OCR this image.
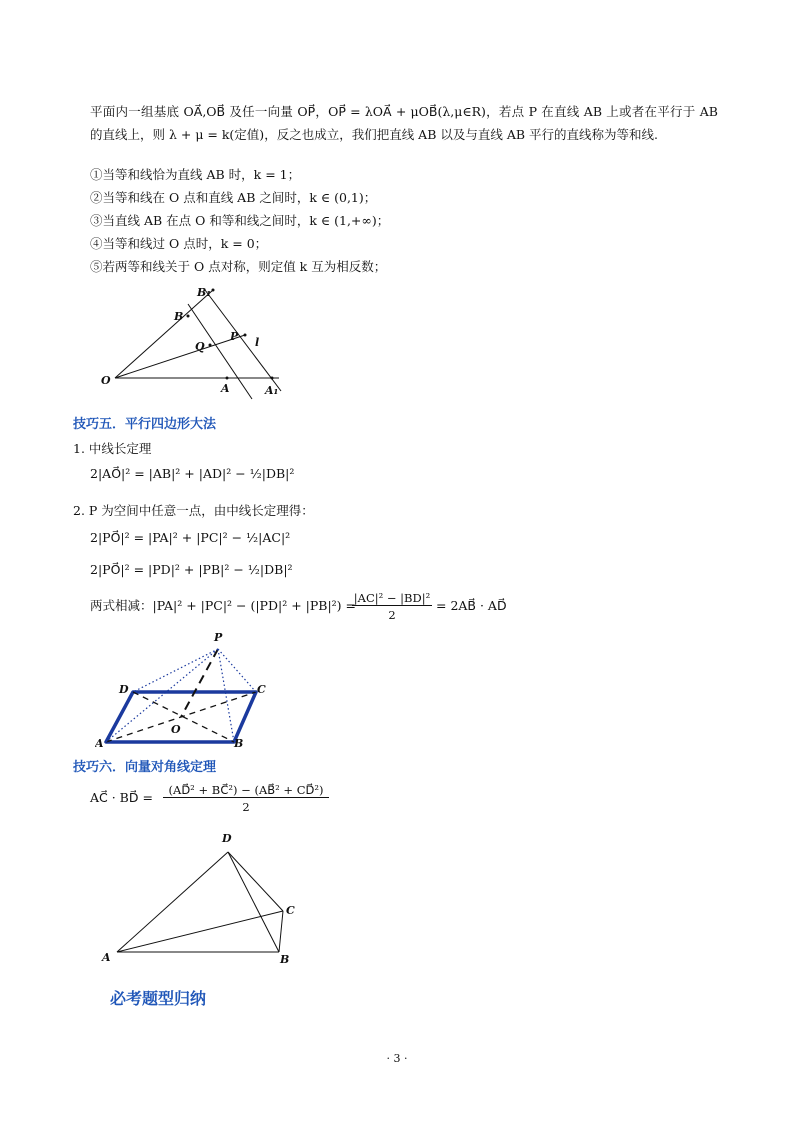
平面内一组基底 OA⃗,OB⃗ 及任一向量 OP⃗，OP⃗ = λOA⃗ + μOB⃗(λ,μ∈R)，若点 P 在直线 AB 上或者在平行于 AB 的直线上，则 λ + μ = k(定值)，反之也成立，我们把直线 AB 以及与直线 AB 平行的直线称为等和线.
①当等和线恰为直线 AB 时，k = 1；
②当等和线在 O 点和直线 AB 之间时，k ∈ (0,1)；
③当直线 AB 在点 O 和等和线之间时，k ∈ (1,+∞)；
④当等和线过 O 点时，k = 0；
⑤若两等和线关于 O 点对称，则定值 k 互为相反数；
O
A	A₁
B
B₁
Q
P l
技巧五．平行四边形大法
1. 中线长定理
2|AO⃗|² = |AB|² + |AD|² − ½|DB|²
2. P 为空间中任意一点，由中线长定理得：
2|PO⃗|² = |PA|² + |PC|² − ½|AC|²
2|PO⃗|² = |PD|² + |PB|² − ½|DB|²
两式相减：|PA|² + |PC|² − (|PD|² + |PB|²) =
|AC|² − |BD|²
2
= 2AB⃗ · AD⃗
P
A	B
C
D
O
技巧六．向量对角线定理
AC⃗ · BD⃗ =	(AD⃗² + BC⃗²) − (AB⃗² + CD⃗²)
2
D
A	B
C
必考题型归纳
· 3 ·
